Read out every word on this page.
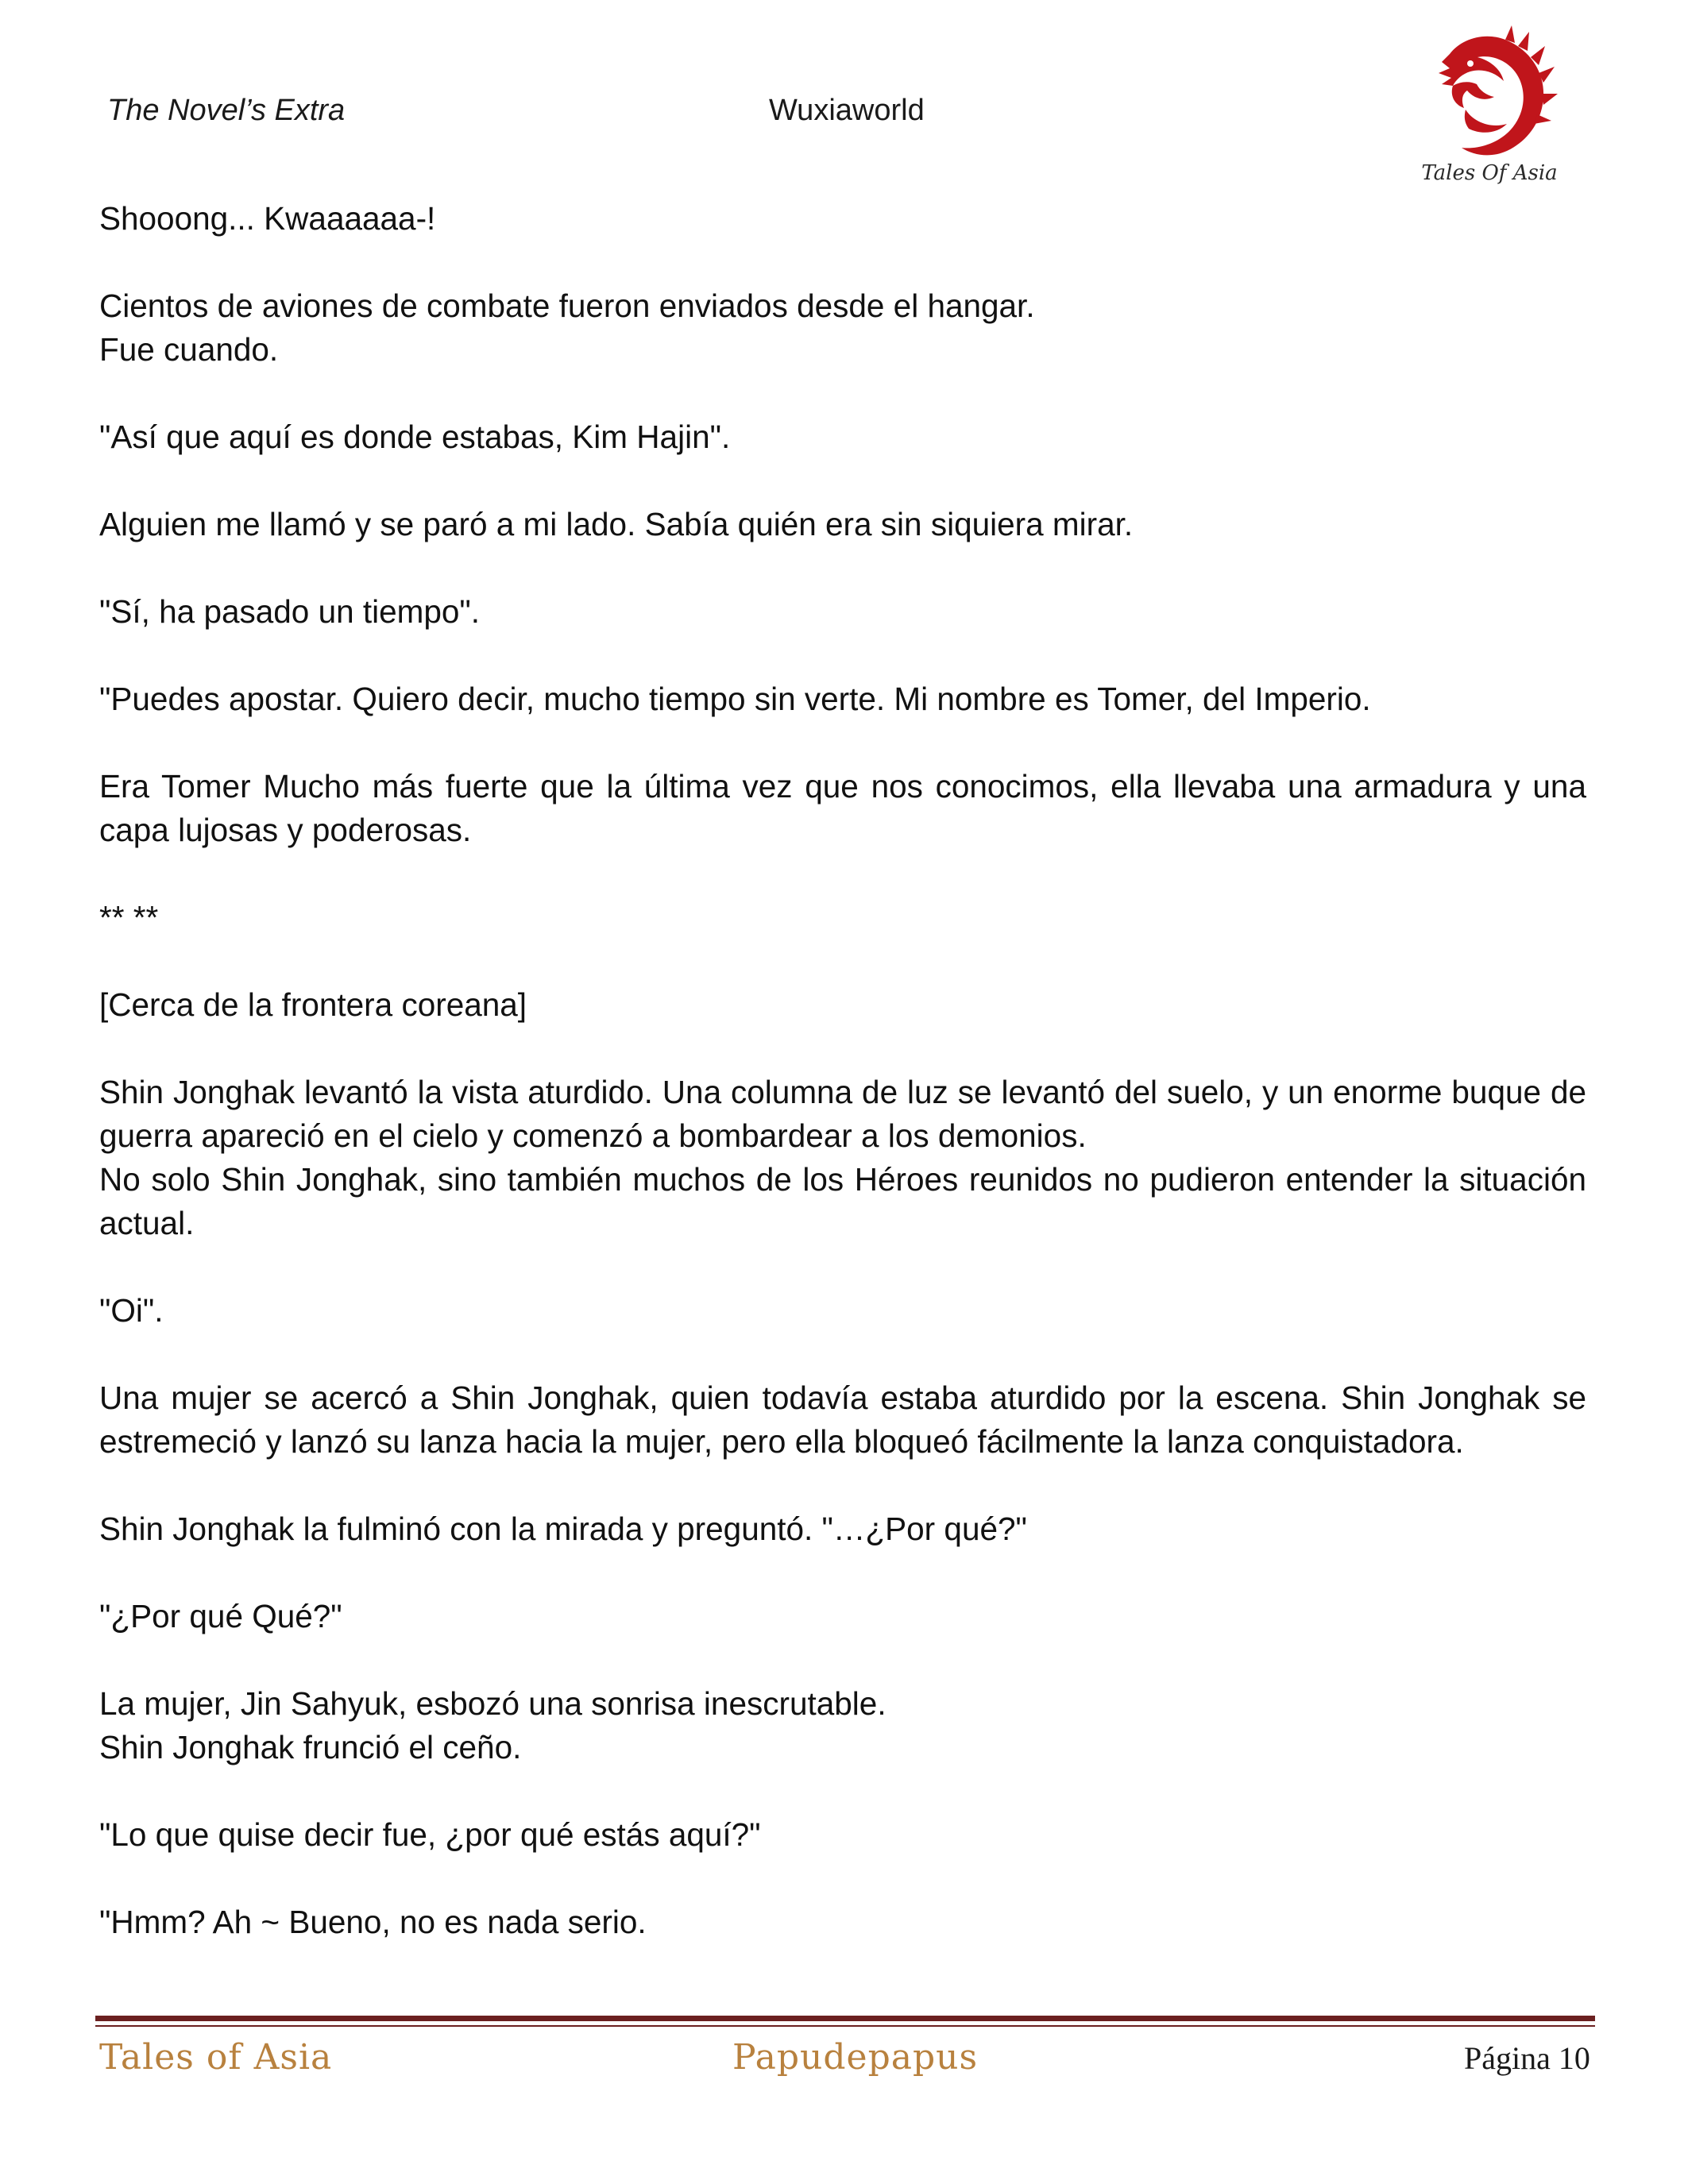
The Novel’s Extra	Wuxiaworld
Tales Of Asia

Shooong... Kwaaaaaa-!

Cientos de aviones de combate fueron enviados desde el hangar.
Fue cuando.

"Así que aquí es donde estabas, Kim Hajin".

Alguien me llamó y se paró a mi lado. Sabía quién era sin siquiera mirar.

"Sí, ha pasado un tiempo".

"Puedes apostar. Quiero decir, mucho tiempo sin verte. Mi nombre es Tomer, del Imperio.

Era Tomer Mucho más fuerte que la última vez que nos conocimos, ella llevaba una armadura y una capa lujosas y poderosas.

** **

[Cerca de la frontera coreana]

Shin Jonghak levantó la vista aturdido. Una columna de luz se levantó del suelo, y un enorme buque de guerra apareció en el cielo y comenzó a bombardear a los demonios.
No solo Shin Jonghak, sino también muchos de los Héroes reunidos no pudieron entender la situación actual.

"Oi".

Una mujer se acercó a Shin Jonghak, quien todavía estaba aturdido por la escena. Shin Jonghak se estremeció y lanzó su lanza hacia la mujer, pero ella bloqueó fácilmente la lanza conquistadora.

Shin Jonghak la fulminó con la mirada y preguntó. "…¿Por qué?"

"¿Por qué Qué?"

La mujer, Jin Sahyuk, esbozó una sonrisa inescrutable.
Shin Jonghak frunció el ceño.

"Lo que quise decir fue, ¿por qué estás aquí?"

"Hmm? Ah ~ Bueno, no es nada serio.

Tales of Asia	Papudepapus	Página 10
